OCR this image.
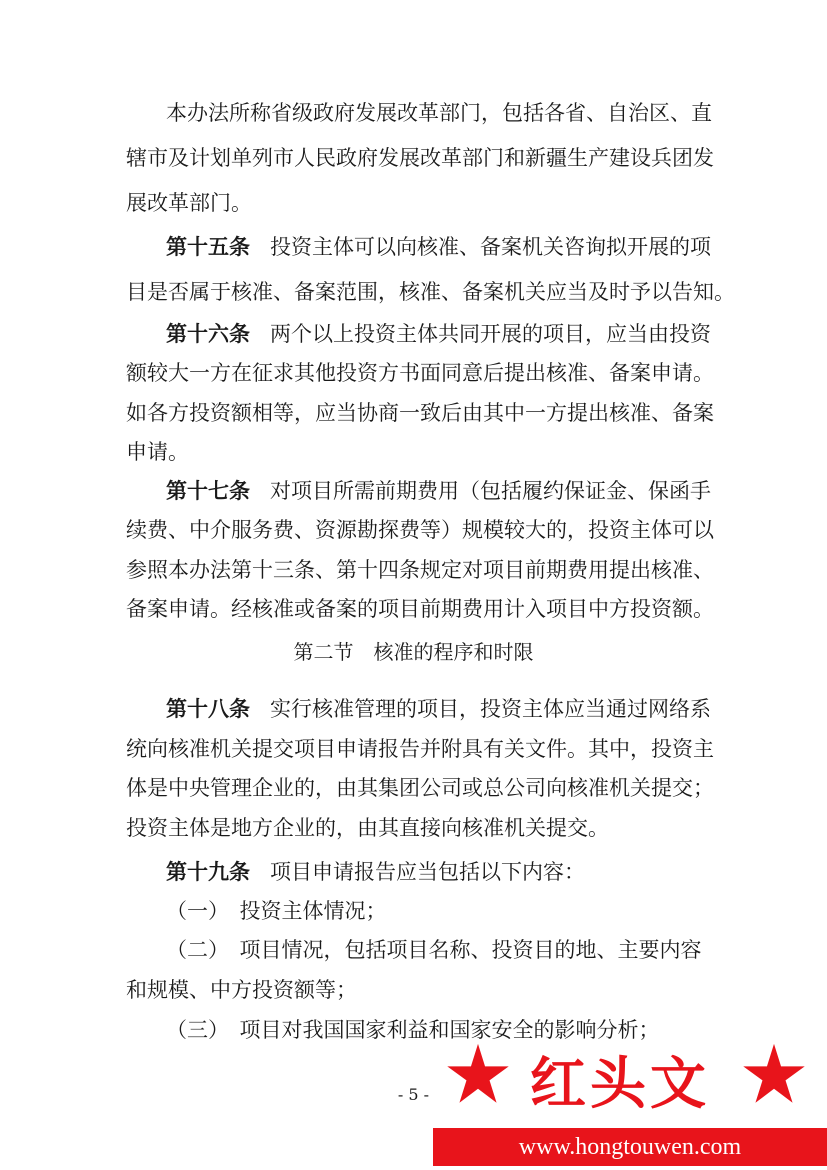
本办法所称省级政府发展改革部门，包括各省、自治区、直
辖市及计划单列市人民政府发展改革部门和新疆生产建设兵团发
展改革部门。
第十五条 投资主体可以向核准、备案机关咨询拟开展的项
目是否属于核准、备案范围，核准、备案机关应当及时予以告知。
第十六条 两个以上投资主体共同开展的项目，应当由投资
额较大一方在征求其他投资方书面同意后提出核准、备案申请。
如各方投资额相等，应当协商一致后由其中一方提出核准、备案
申请。
第十七条 对项目所需前期费用（包括履约保证金、保函手
续费、中介服务费、资源勘探费等）规模较大的，投资主体可以
参照本办法第十三条、第十四条规定对项目前期费用提出核准、
备案申请。经核准或备案的项目前期费用计入项目中方投资额。
第二节　核准的程序和时限
第十八条 实行核准管理的项目，投资主体应当通过网络系
统向核准机关提交项目申请报告并附具有关文件。其中，投资主
体是中央管理企业的，由其集团公司或总公司向核准机关提交；
投资主体是地方企业的，由其直接向核准机关提交。
第十九条 项目申请报告应当包括以下内容：
（一）　投资主体情况；
（二）　项目情况，包括项目名称、投资目的地、主要内容
和规模、中方投资额等；
（三）　项目对我国国家利益和国家安全的影响分析；
- 5 -	红头文
www.hongtouwen.com
